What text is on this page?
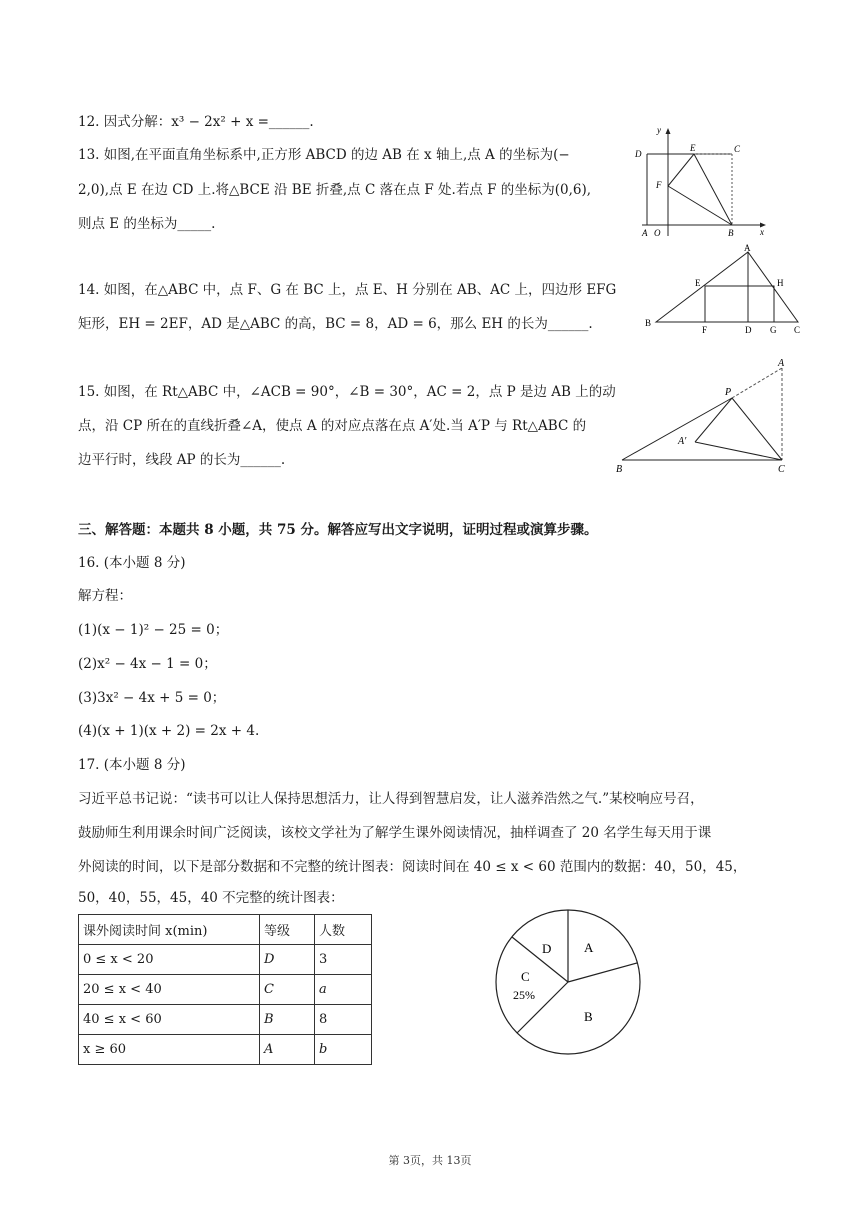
12. 因式分解：x³ − 2x² + x =______.
13. 如图,在平面直角坐标系中,正方形 ABCD 的边 AB 在 x 轴上,点 A 的坐标为(−
2,0),点 E 在边 CD 上.将△BCE 沿 BE 折叠,点 C 落在点 F 处.若点 F 的坐标为(0,6),
则点 E 的坐标为_____.
y
x
D
E	C
F
A O	B
14. 如图，在△ABC 中，点 F、G 在 BC 上，点 E、H 分别在 AB、AC 上，四边形 EFG
矩形，EH = 2EF，AD 是△ABC 的高，BC = 8，AD = 6，那么 EH 的长为______.
A
E	H
B
F	D G C
15. 如图，在 Rt△ABC 中，∠ACB = 90°，∠B = 30°，AC = 2，点 P 是边 AB 上的动
点，沿 CP 所在的直线折叠∠A，使点 A 的对应点落在点 A′处.当 A′P 与 Rt△ABC 的
边平行时，线段 AP 的长为______.
A
P
A′
B	C
三、解答题：本题共 8 小题，共 75 分。解答应写出文字说明，证明过程或演算步骤。
16. (本小题 8 分)
解方程：
(1)(x − 1)² − 25 = 0；
(2)x² − 4x − 1 = 0；
(3)3x² − 4x + 5 = 0；
(4)(x + 1)(x + 2) = 2x + 4.
17. (本小题 8 分)
习近平总书记说：“读书可以让人保持思想活力，让人得到智慧启发，让人滋养浩然之气.”某校响应号召，
鼓励师生利用课余时间广泛阅读，该校文学社为了解学生课外阅读情况，抽样调查了 20 名学生每天用于课
外阅读的时间，以下是部分数据和不完整的统计图表：阅读时间在 40 ≤ x < 60 范围内的数据：40，50，45，
50，40，55，45，40 不完整的统计图表：
课外阅读时间 x(min)	等级	人数
0 ≤ x < 20	D	3
20 ≤ x < 40	C	a
40 ≤ x < 60	B	8
x ≥ 60	A	b
A
B
C
25%
D
第 3页，共 13页
